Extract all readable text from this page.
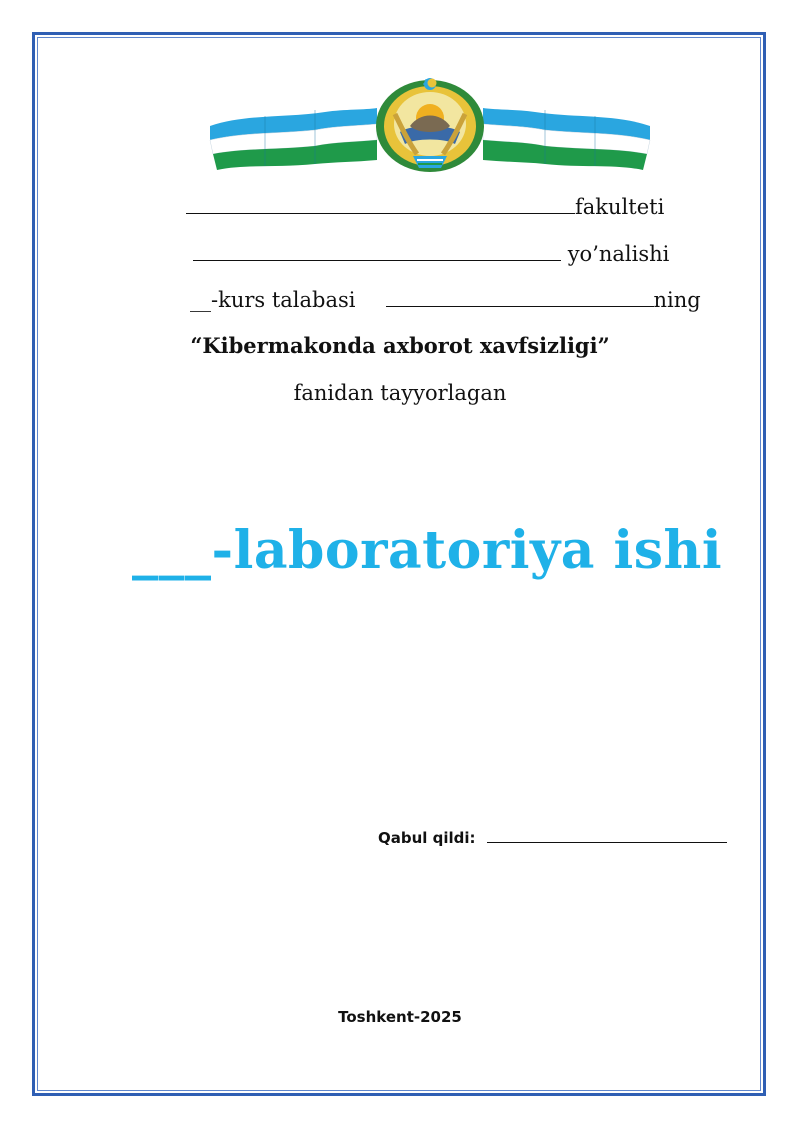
fakulteti
yo’nalishi
__-kurs talabasi	ning
“Kibermakonda axborot xavfsizligi”
fanidan tayyorlagan
___-laboratoriya ishi
Qabul qildi:
Toshkent-2025
